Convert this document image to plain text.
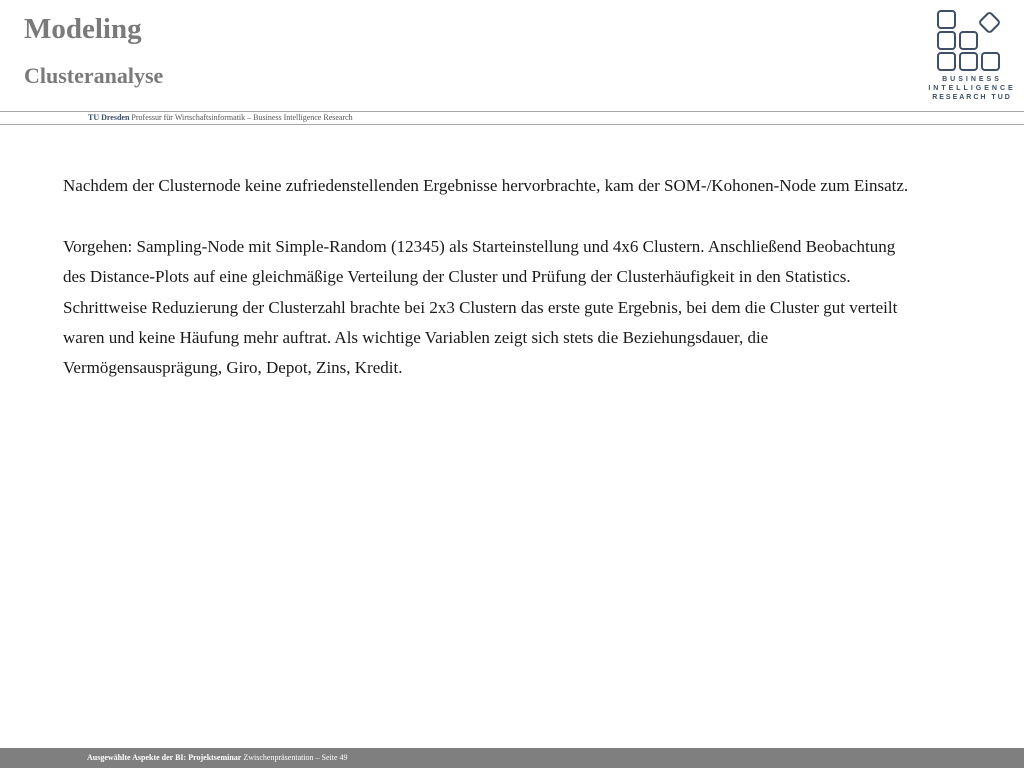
Modeling
Clusteranalyse	BUSINESS
INTELLIGENCE
RESEARCH TUD
TU Dresden Professur für Wirtschaftsinformatik – Business Intelligence Research

Nachdem der Clusternode keine zufriedenstellenden Ergebnisse hervorbrachte, kam der SOM-/Kohonen-Node zum Einsatz.

Vorgehen: Sampling-Node mit Simple-Random (12345) als Starteinstellung und 4x6 Clustern. Anschließend Beobachtung des Distance-Plots auf eine gleichmäßige Verteilung der Cluster und Prüfung der Clusterhäufigkeit in den Statistics. Schrittweise Reduzierung der Clusterzahl brachte bei 2x3 Clustern das erste gute Ergebnis, bei dem die Cluster gut verteilt waren und keine Häufung mehr auftrat. Als wichtige Variablen zeigt sich stets die Beziehungsdauer, die Vermögensausprägung, Giro, Depot, Zins, Kredit.

Ausgewählte Aspekte der BI: Projektseminar Zwischenpräsentation – Seite 49
